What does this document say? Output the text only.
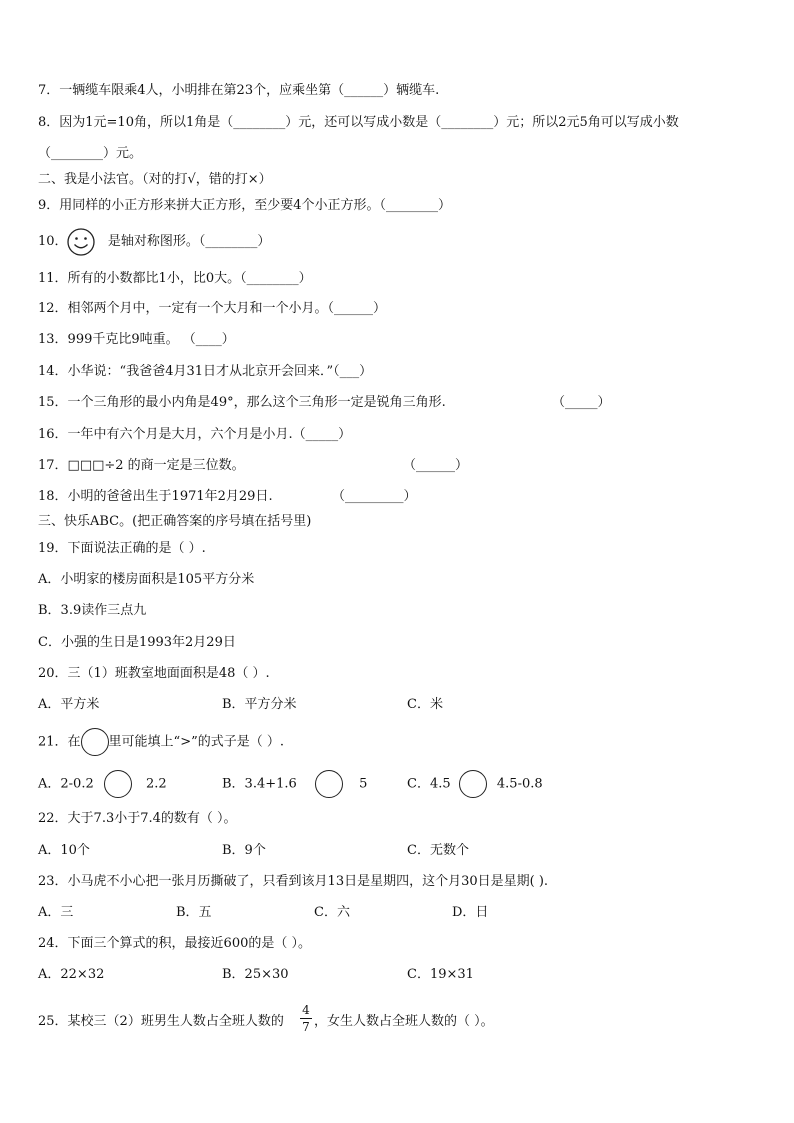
7．一辆缆车限乘4人，小明排在第23个，应乘坐第（______）辆缆车.
8．因为1元=10角，所以1角是（________）元，还可以写成小数是（________）元；所以2元5角可以写成小数
（________）元。
二、我是小法官。（对的打√，错的打×）
9．用同样的小正方形来拼大正方形，至少要4个小正方形。（________）
10．	是轴对称图形。（________）
11．所有的小数都比1小，比0大。（________）
12．相邻两个月中，一定有一个大月和一个小月。（______）
13．999千克比9吨重。 （____）
14．小华说：“我爸爸4月31日才从北京开会回来．”（___）
15．一个三角形的最小内角是49°，那么这个三角形一定是锐角三角形.	（_____）
16．一年中有六个月是大月，六个月是小月.（_____）
17．□□□÷2 的商一定是三位数。	（______）
18．小明的爸爸出生于1971年2月29日.	（_________）
三、快乐ABC。(把正确答案的序号填在括号里)
19．下面说法正确的是（ ）.
A．小明家的楼房面积是105平方分米
B．3.9读作三点九
C．小强的生日是1993年2月29日
20．三（1）班教室地面面积是48（ ）.
A．平方米	B．平方分米	C．米
21．在 里可能填上“>”的式子是（ ）.
A．2-0.2	2.2	B．3.4+1.6	5	C．4.5	4.5-0.8
22．大于7.3小于7.4的数有（ ）。
A．10个	B．9个	C．无数个
23．小马虎不小心把一张月历撕破了，只看到该月13日是星期四，这个月30日是星期( ).
A．三	B．五	C．六	D．日
24．下面三个算式的积，最接近600的是（ ）。
A．22×32	B．25×30	C．19×31
25．某校三（2）班男生人数占全班人数的
4
7 ，女生人数占全班人数的（ ）。
